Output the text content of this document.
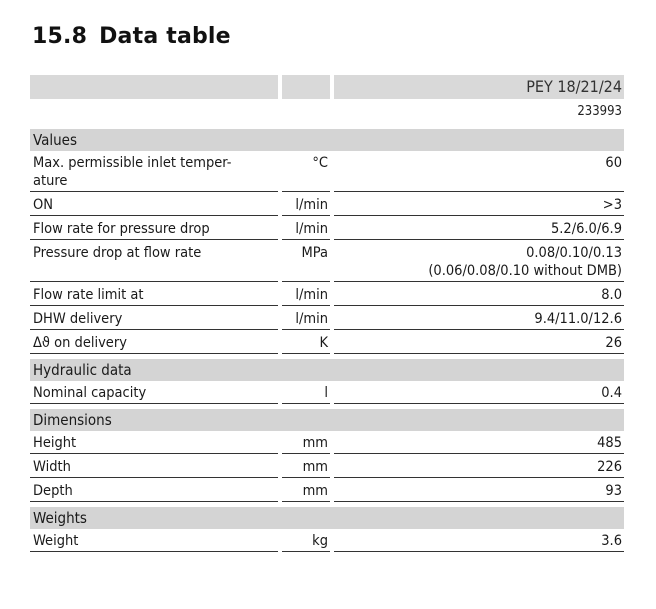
15.8 Data table
PEY 18/21/24
233993
Values
Max. permissible inlet temper-
ature
°C	60
ON	l/min	>3
Flow rate for pressure drop	l/min	5.2/6.0/6.9
Pressure drop at flow rate	MPa	0.08/0.10/0.13
(0.06/0.08/0.10 without DMB)
Flow rate limit at	l/min	8.0
DHW delivery	l/min	9.4/11.0/12.6
Δϑ on delivery	K	26
Hydraulic data
Nominal capacity	l	0.4
Dimensions
Height	mm	485
Width	mm	226
Depth	mm	93
Weights
Weight	kg	3.6
